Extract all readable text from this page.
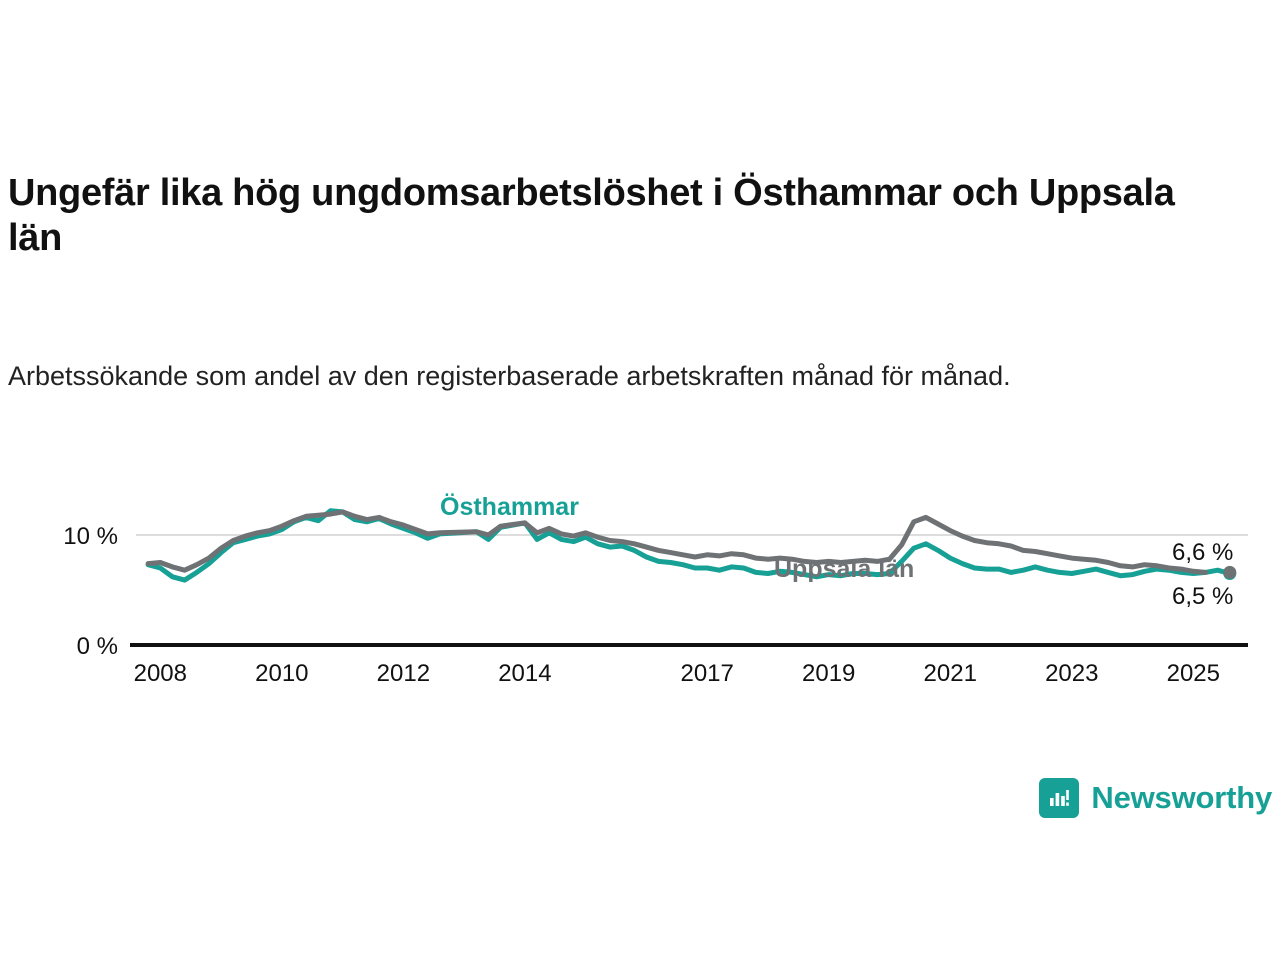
Ungefär lika hög ungdomsarbetslöshet i Östhammar och Uppsala län

Arbetssökande som andel av den registerbaserade arbetskraften månad för månad.

0 %
10 %
2008	2010	2012	2014	2017	2019	2021	2023	2025
Östhammar
Uppsala län
6,6 %
6,5 %
Newsworthy
